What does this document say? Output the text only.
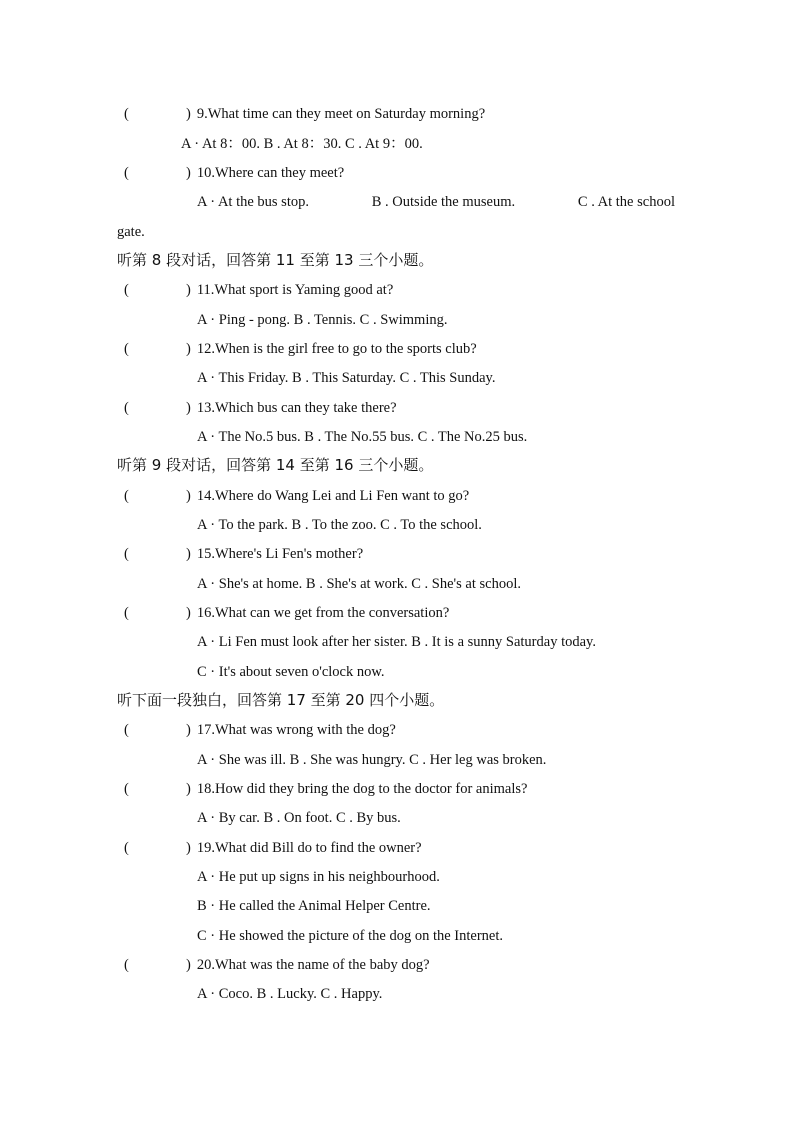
(	) 9.What time can they meet on Saturday morning?
A · At 8：00. B . At 8：30. C . At 9：00.
(	) 10.Where can they meet?
A · At the bus stop.	B . Outside the museum.	C . At the school
gate.
听第 8 段对话，回答第 11 至第 13 三个小题。
(	) 11.What sport is Yaming good at?
A · Ping - pong. B . Tennis. C . Swimming.
(	) 12.When is the girl free to go to the sports club?
A · This Friday. B . This Saturday. C . This Sunday.
(	) 13.Which bus can they take there?
A · The No.5 bus. B . The No.55 bus. C . The No.25 bus.
听第 9 段对话，回答第 14 至第 16 三个小题。
(	) 14.Where do Wang Lei and Li Fen want to go?
A · To the park. B . To the zoo. C . To the school.
(	) 15.Where's Li Fen's mother?
A · She's at home. B . She's at work. C . She's at school.
(	) 16.What can we get from the conversation?
A · Li Fen must look after her sister. B . It is a sunny Saturday today.
C · It's about seven o'clock now.
听下面一段独白，回答第 17 至第 20 四个小题。
(	) 17.What was wrong with the dog?
A · She was ill. B . She was hungry. C . Her leg was broken.
(	) 18.How did they bring the dog to the doctor for animals?
A · By car. B . On foot. C . By bus.
(	) 19.What did Bill do to find the owner?
A · He put up signs in his neighbourhood.
B · He called the Animal Helper Centre.
C · He showed the picture of the dog on the Internet.
(	) 20.What was the name of the baby dog?
A · Coco. B . Lucky. C . Happy.
